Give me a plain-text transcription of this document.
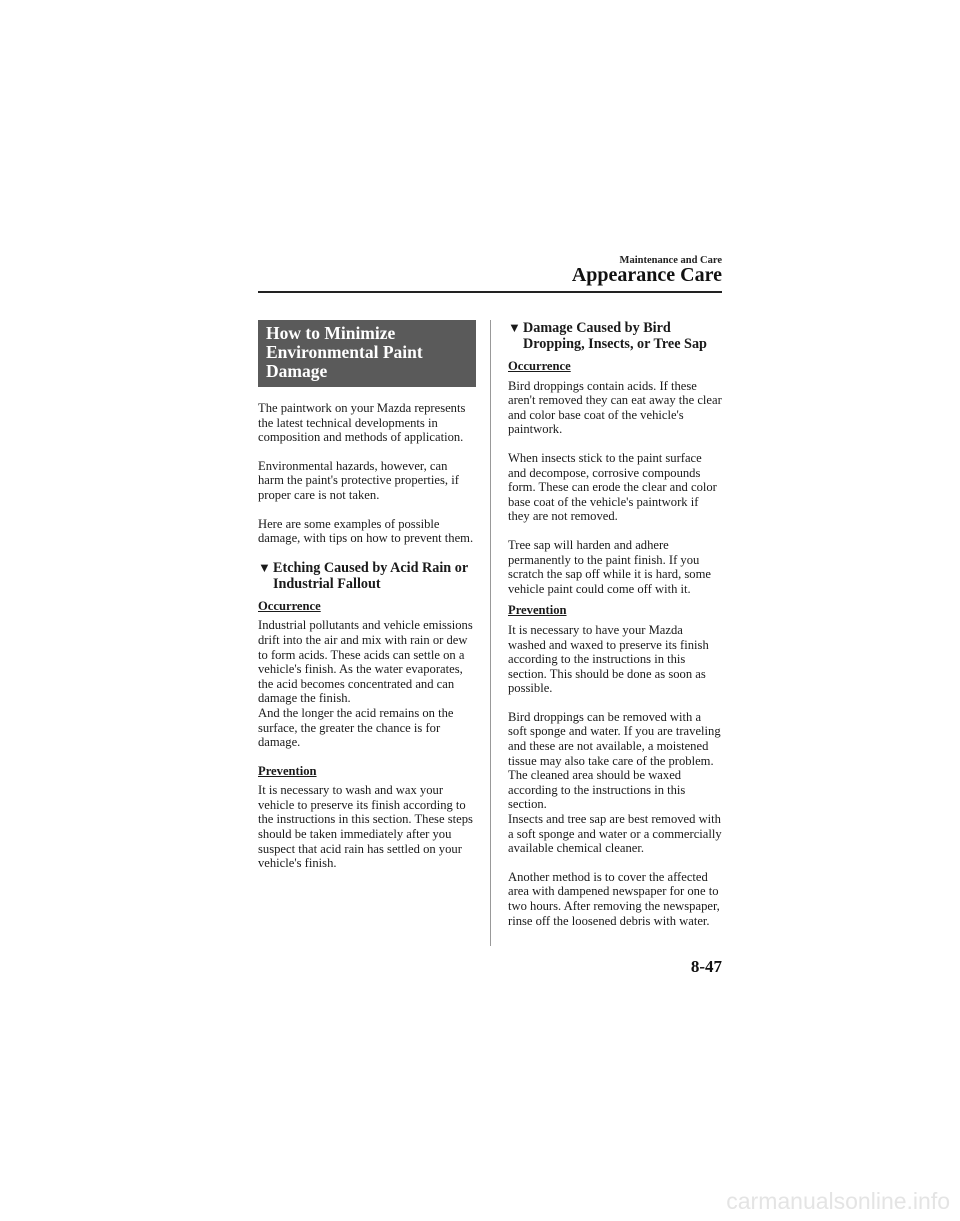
Maintenance and Care
Appearance Care
How to Minimize Environmental Paint Damage

The paintwork on your Mazda represents the latest technical developments in composition and methods of application.

Environmental hazards, however, can harm the paint's protective properties, if proper care is not taken.

Here are some examples of possible damage, with tips on how to prevent them.

▼ Etching Caused by Acid Rain or Industrial Fallout
Occurrence

Industrial pollutants and vehicle emissions drift into the air and mix with rain or dew to form acids. These acids can settle on a vehicle's finish. As the water evaporates, the acid becomes concentrated and can damage the finish.
And the longer the acid remains on the surface, the greater the chance is for damage.

Prevention

It is necessary to wash and wax your vehicle to preserve its finish according to the instructions in this section. These steps should be taken immediately after you suspect that acid rain has settled on your vehicle's finish.

▼ Damage Caused by Bird Dropping, Insects, or Tree Sap
Occurrence

Bird droppings contain acids. If these aren't removed they can eat away the clear and color base coat of the vehicle's paintwork.

When insects stick to the paint surface and decompose, corrosive compounds form. These can erode the clear and color base coat of the vehicle's paintwork if they are not removed.

Tree sap will harden and adhere permanently to the paint finish. If you scratch the sap off while it is hard, some vehicle paint could come off with it.

Prevention

It is necessary to have your Mazda washed and waxed to preserve its finish according to the instructions in this section. This should be done as soon as possible.

Bird droppings can be removed with a soft sponge and water. If you are traveling and these are not available, a moistened tissue may also take care of the problem. The cleaned area should be waxed according to the instructions in this section.
Insects and tree sap are best removed with a soft sponge and water or a commercially available chemical cleaner.

Another method is to cover the affected area with dampened newspaper for one to two hours. After removing the newspaper, rinse off the loosened debris with water.

8-47
carmanualsonline.info
